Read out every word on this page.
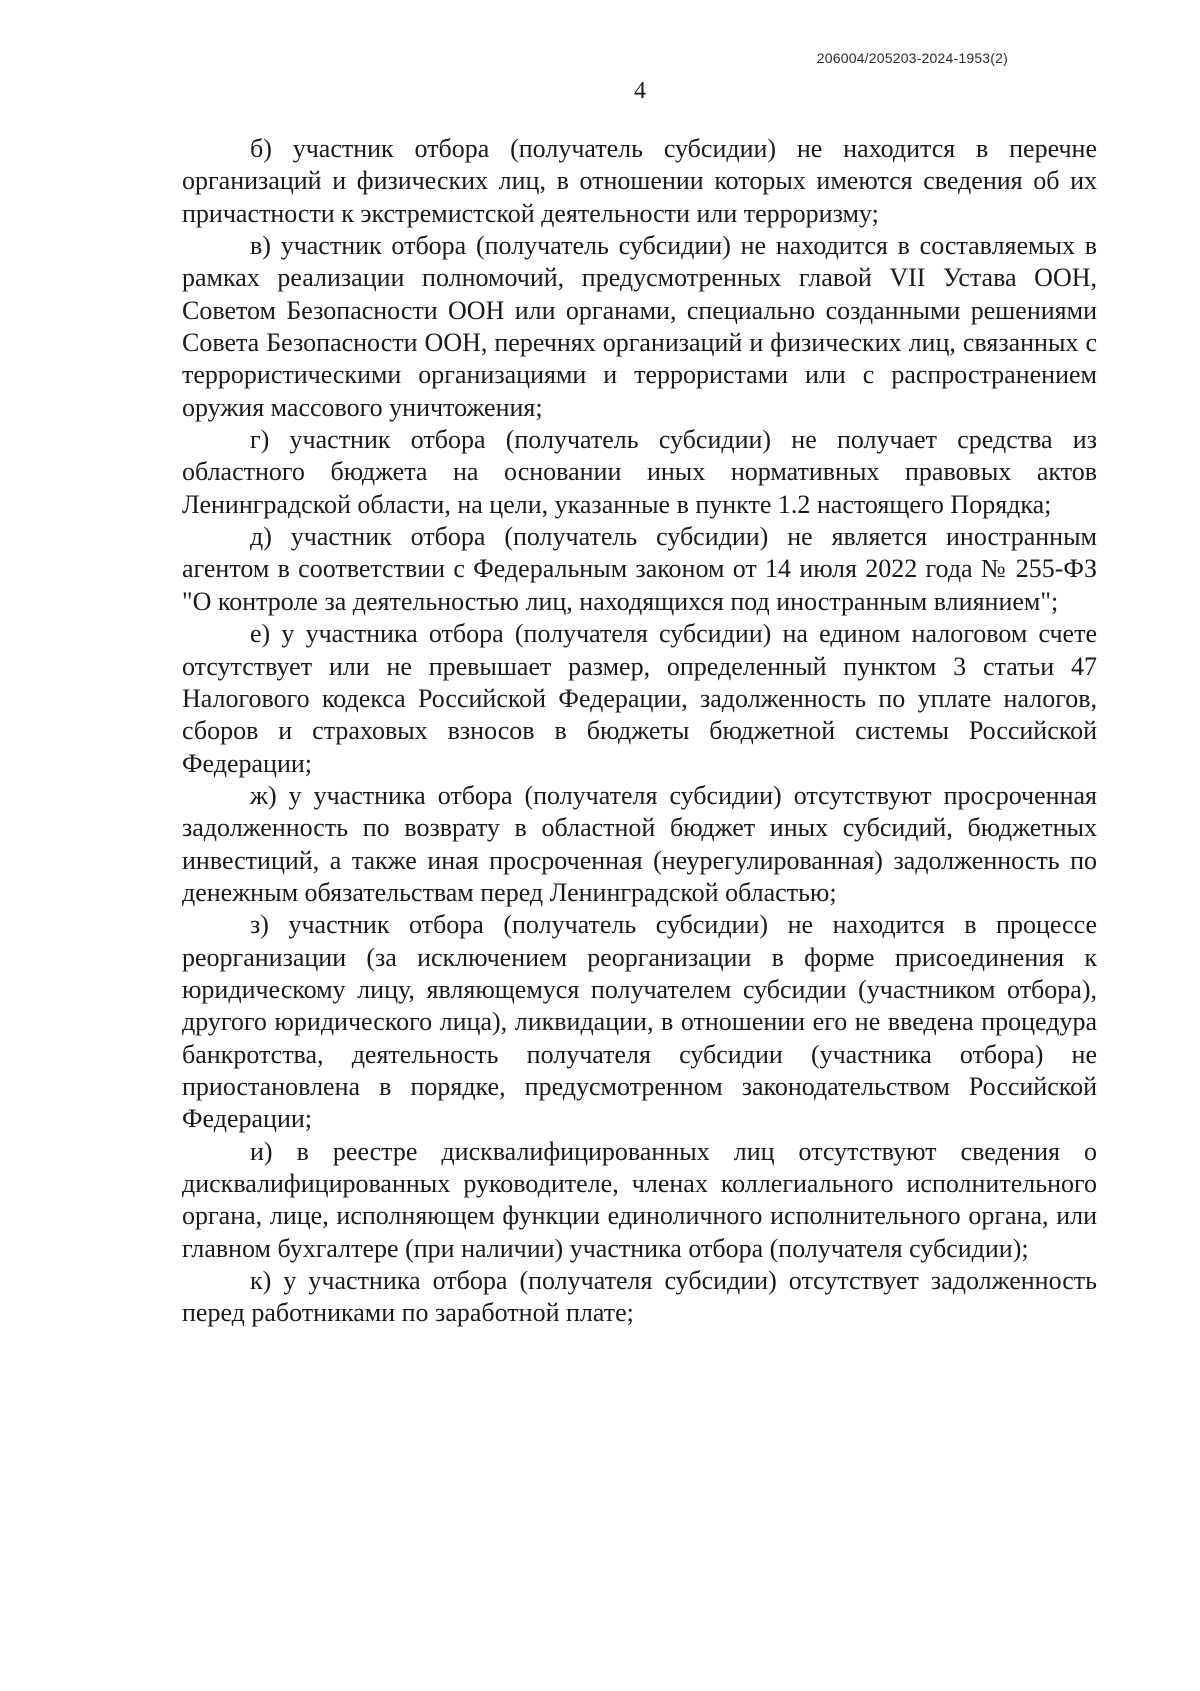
206004/205203-2024-1953(2)
4

б) участник отбора (получатель субсидии) не находится в перечне организаций и физических лиц, в отношении которых имеются сведения об их причастности к экстремистской деятельности или терроризму;

в) участник отбора (получатель субсидии) не находится в составляемых в рамках реализации полномочий, предусмотренных главой VII Устава ООН, Советом Безопасности ООН или органами, специально созданными решениями Совета Безопасности ООН, перечнях организаций и физических лиц, связанных с террористическими организациями и террористами или с распространением оружия массового уничтожения;

г) участник отбора (получатель субсидии) не получает средства из областного бюджета на основании иных нормативных правовых актов Ленинградской области, на цели, указанные в пункте 1.2 настоящего Порядка;

д) участник отбора (получатель субсидии) не является иностранным агентом в соответствии с Федеральным законом от 14 июля 2022 года № 255-ФЗ "О контроле за деятельностью лиц, находящихся под иностранным влиянием";

е) у участника отбора (получателя субсидии) на едином налоговом счете отсутствует или не превышает размер, определенный пунктом 3 статьи 47 Налогового кодекса Российской Федерации, задолженность по уплате налогов, сборов и страховых взносов в бюджеты бюджетной системы Российской Федерации;

ж) у участника отбора (получателя субсидии) отсутствуют просроченная задолженность по возврату в областной бюджет иных субсидий, бюджетных инвестиций, а также иная просроченная (неурегулированная) задолженность по денежным обязательствам перед Ленинградской областью;

з) участник отбора (получатель субсидии) не находится в процессе реорганизации (за исключением реорганизации в форме присоединения к юридическому лицу, являющемуся получателем субсидии (участником отбора), другого юридического лица), ликвидации, в отношении его не введена процедура банкротства, деятельность получателя субсидии (участника отбора) не приостановлена в порядке, предусмотренном законодательством Российской Федерации;

и) в реестре дисквалифицированных лиц отсутствуют сведения о дисквалифицированных руководителе, членах коллегиального исполнительного органа, лице, исполняющем функции единоличного исполнительного органа, или главном бухгалтере (при наличии) участника отбора (получателя субсидии);

к) у участника отбора (получателя субсидии) отсутствует задолженность перед работниками по заработной плате;
